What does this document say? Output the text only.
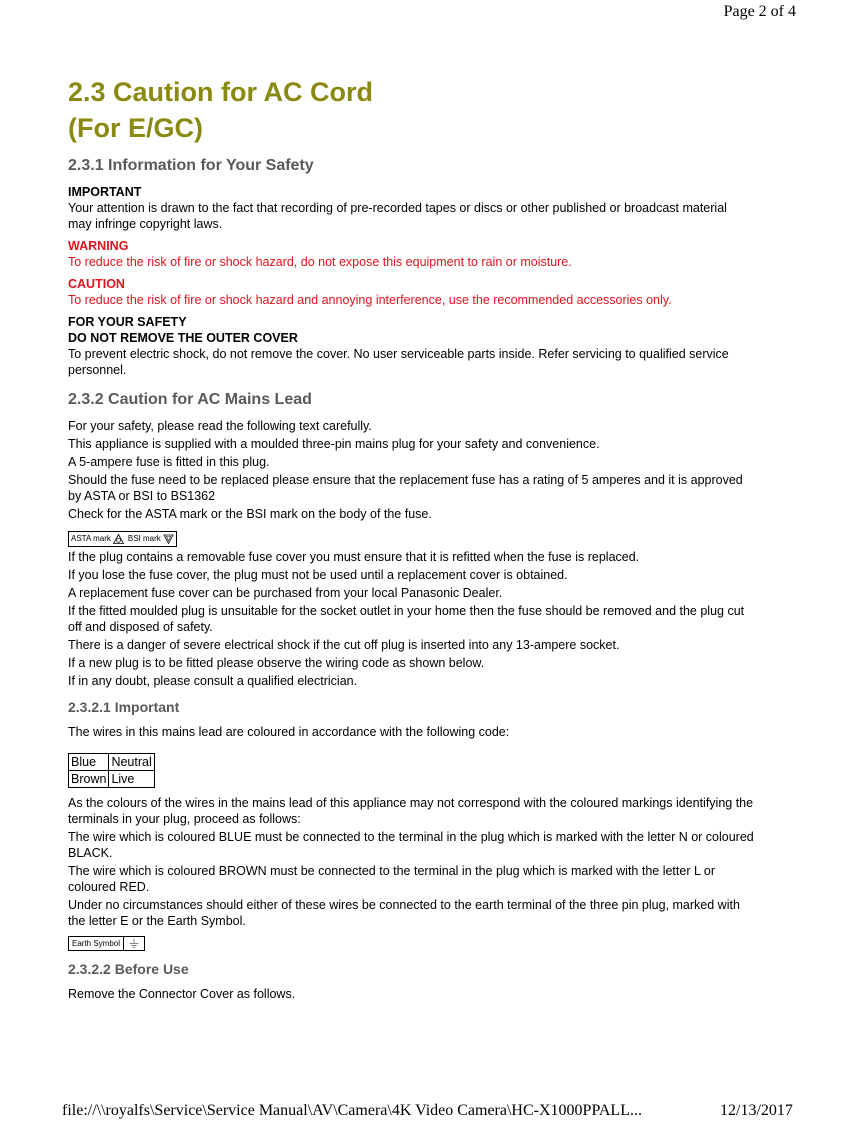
Page 2 of 4
2.3 Caution for AC Cord
(For E/GC)
2.3.1 Information for Your Safety

IMPORTANT

Your attention is drawn to the fact that recording of pre-recorded tapes or discs or other published or broadcast material

may infringe copyright laws.

WARNING

To reduce the risk of fire or shock hazard, do not expose this equipment to rain or moisture.

CAUTION

To reduce the risk of fire or shock hazard and annoying interference, use the recommended accessories only.

FOR YOUR SAFETY

DO NOT REMOVE THE OUTER COVER

To prevent electric shock, do not remove the cover. No user serviceable parts inside. Refer servicing to qualified service

personnel.

2.3.2 Caution for AC Mains Lead

For your safety, please read the following text carefully.

This appliance is supplied with a moulded three-pin mains plug for your safety and convenience.

A 5-ampere fuse is fitted in this plug.

Should the fuse need to be replaced please ensure that the replacement fuse has a rating of 5 amperes and it is approved

by ASTA or BSI to BS1362

Check for the ASTA mark or the BSI mark on the body of the fuse.

ASTA mark BSI mark

If the plug contains a removable fuse cover you must ensure that it is refitted when the fuse is replaced.

If you lose the fuse cover, the plug must not be used until a replacement cover is obtained.

A replacement fuse cover can be purchased from your local Panasonic Dealer.

If the fitted moulded plug is unsuitable for the socket outlet in your home then the fuse should be removed and the plug cut

off and disposed of safety.

There is a danger of severe electrical shock if the cut off plug is inserted into any 13-ampere socket.

If a new plug is to be fitted please observe the wiring code as shown below.

If in any doubt, please consult a qualified electrician.

2.3.2.1 Important

The wires in this mains lead are coloured in accordance with the following code:

Blue	Neutral
Brown	Live

As the colours of the wires in the mains lead of this appliance may not correspond with the coloured markings identifying the

terminals in your plug, proceed as follows:

The wire which is coloured BLUE must be connected to the terminal in the plug which is marked with the letter N or coloured

BLACK.

The wire which is coloured BROWN must be connected to the terminal in the plug which is marked with the letter L or

coloured RED.

Under no circumstances should either of these wires be connected to the earth terminal of the three pin plug, marked with

the letter E or the Earth Symbol.

Earth Symbol
2.3.2.2 Before Use

Remove the Connector Cover as follows.

file://\\royalfs\Service\Service Manual\AV\Camera\4K Video Camera\HC-X1000PPALL...	12/13/2017
